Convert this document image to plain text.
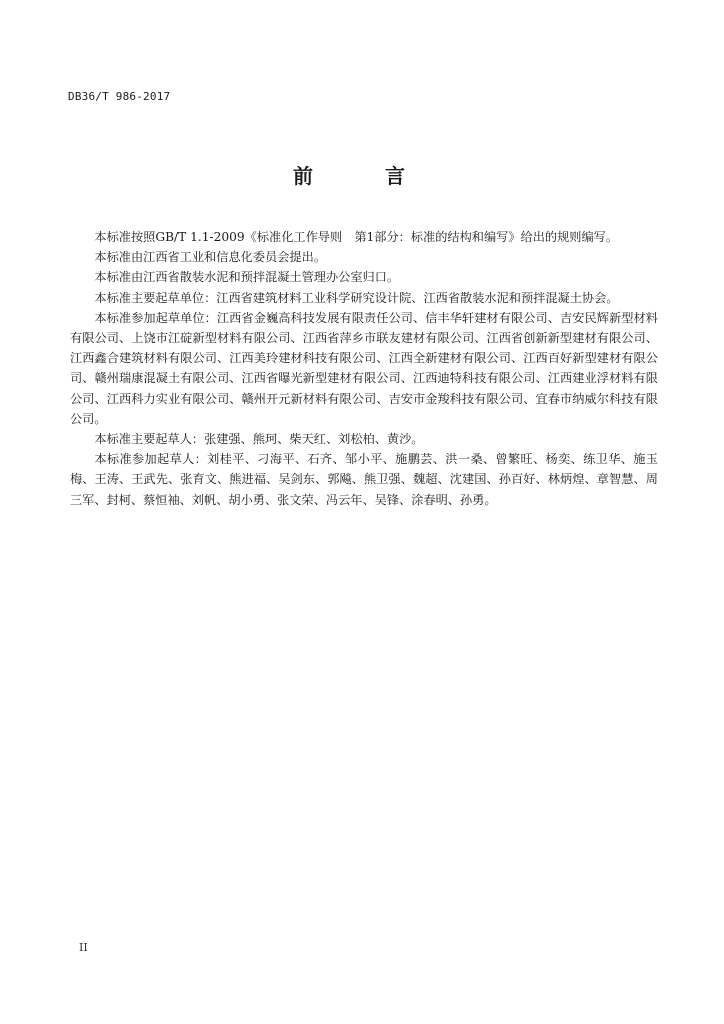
DB36/T 986-2017
前　言

本标准按照GB/T 1.1-2009《标准化工作导则　第1部分：标准的结构和编写》给出的规则编写。

本标准由江西省工业和信息化委员会提出。

本标准由江西省散装水泥和预拌混凝土管理办公室归口。

本标准主要起草单位：江西省建筑材料工业科学研究设计院、江西省散装水泥和预拌混凝土协会。

本标准参加起草单位：江西省金巍高科技发展有限责任公司、信丰华轩建材有限公司、吉安民辉新型材料有限公司、上饶市江碇新型材料有限公司、江西省萍乡市联友建材有限公司、江西省创新新型建材有限公司、江西鑫合建筑材料有限公司、江西美玲建材科技有限公司、江西全新建材有限公司、江西百好新型建材有限公司、赣州瑞康混凝土有限公司、江西省曝光新型建材有限公司、江西迪特科技有限公司、江西建业浮材料有限公司、江西科力实业有限公司、赣州开元新材料有限公司、吉安市金羧科技有限公司、宜春市纳威尔科技有限公司。

本标准主要起草人：张建强、熊珂、柴天红、刘松柏、黄沙。

本标准参加起草人：刘桂平、刁海平、石齐、邹小平、施鹏芸、洪一桑、曾繁旺、杨奕、练卫华、施玉梅、王涛、王武先、张育文、熊进福、吴剑东、郭飚、熊卫强、魏超、沈建国、孙百好、林炳煌、章智慧、周三军、封柯、蔡恒袖、刘帆、胡小勇、张文荣、冯云年、吴锋、涂春明、孙勇。

II
